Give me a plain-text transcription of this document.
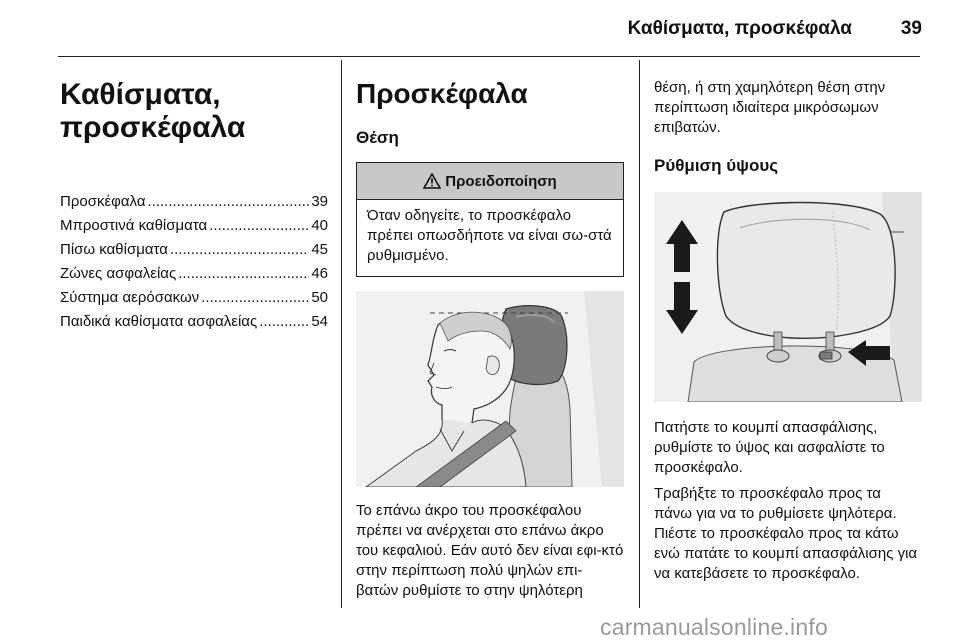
Καθίσματα, προσκέφαλα	39
Καθίσματα,
προσκέφαλα
Προσκέφαλα .....	39
Μπροστινά καθίσματα .....	40
Πίσω καθίσματα .....	45
Ζώνες ασφαλείας .....	46
Σύστημα αερόσακων .....	50
Παιδικά καθίσματα ασφαλείας .....	54
Προσκέφαλα
Θέση
Προειδοποίηση
Όταν οδηγείτε, το προσκέφαλο πρέπει οπωσδήποτε να είναι σω-στά ρυθμισμένο.

Το επάνω άκρο του προσκέφαλου πρέπει να ανέρχεται στο επάνω άκρο του κεφαλιού. Εάν αυτό δεν είναι εφι-κτό στην περίπτωση πολύ ψηλών επι-βατών ρυθμίστε το στην ψηλότερη

θέση, ή στη χαμηλότερη θέση στην περίπτωση ιδιαίτερα μικρόσωμων επιβατών.

Ρύθμιση ύψους

Πατήστε το κουμπί απασφάλισης, ρυθμίστε το ύψος και ασφαλίστε το προσκέφαλο.

Τραβήξτε το προσκέφαλο προς τα πάνω για να το ρυθμίσετε ψηλότερα. Πιέστε το προσκέφαλο προς τα κάτω ενώ πατάτε το κουμπί απασφάλισης για να κατεβάσετε το προσκέφαλο.

carmanualsonline.info
